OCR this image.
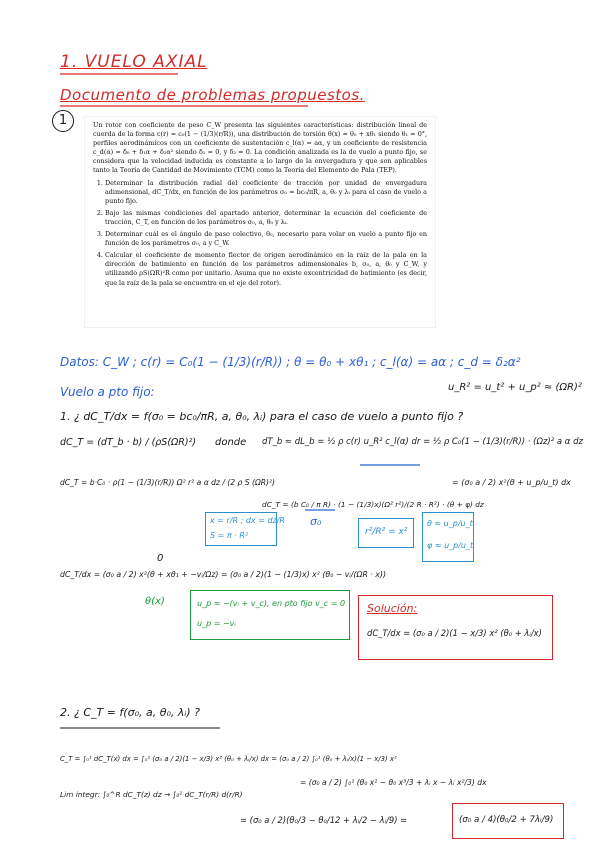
1. VUELO AXIAL
Documento de problemas propuestos.
1	Un rotor con coeficiente de peso C_W presenta las siguientes características: distribución lineal de cuerda de la forma c(r) = c₀(1 − (1/3)(r/R)), una distribución de torsión θ(x) = θ₀ + xθ₁ siendo θ₁ = 0°, perfiles aerodinámicos con un coeficiente de sustentación c_l(α) = aα, y un coeficiente de resistencia c_d(α) = δ₀ + δ₁α + δ₂α² siendo δ₁ = 0, y δ₂ = 0. La condición analizada es la de vuelo a punto fijo, se considera que la velocidad inducida es constante a lo largo de la envergadura y que son aplicables tanto la Teoría de Cantidad de Movimiento (TCM) como la Teoría del Elemento de Pala (TEP).

1. Determinar la distribución radial del coeficiente de tracción por unidad de envergadura adimensional, dC_T/dx, en función de los parámetros σ₀ = bc₀/πR, a, θ₀ y λᵢ para el caso de vuelo a punto fijo.
2. Bajo las mismas condiciones del apartado anterior, determinar la ecuación del coeficiente de tracción, C_T, en función de los parámetros σ₀, a, θ₀ y λᵢ.
3. Determinar cuál es el ángulo de paso colectivo, θ₀, necesario para volar en vuelo a punto fijo en función de los parámetros σ₀, a y C_W.
4. Calcular el coeficiente de momento flector de origen aerodinámico en la raíz de la pala en la dirección de batimiento en función de los parámetros adimensionales b, σ₀, a, θ₀ y C_W, y utilizando ρS(ΩR)²R como por unitario. Asuma que no existe excentricidad de batimiento (es decir, que la raíz de la pala se encuentra en el eje del rotor).
Datos: C_W ; c(r) = C₀(1 − (1/3)(r/R)) ; θ = θ₀ + xθ₁ ; c_l(α) = aα ; c_d = δ₂α²
Vuelo a pto fijo:	u_R² = u_t² + u_p² ≈ (ΩR)²
1. ¿ dC_T/dx = f(σ₀ = bc₀/πR, a, θ₀, λᵢ) para el caso de vuelo a punto fijo ?
dC_T = (dT_b · b) / (ρS(ΩR)²) donde dT_b ≈ dL_b = ½ ρ c(r) u_R² c_l(α) dr = ½ ρ C₀(1 − (1/3)(r/R)) · (Ωz)² a α dz
dC_T = b·C₀ · ρ(1 − (1/3)(r/R)) Ω² r² a α dz / (2 ρ S (ΩR)²)
dC_T = (b C₀ / π R) · (1 − (1/3)x)(Ω² r²)/(2 R · R²) · (θ + φ) dz
= (σ₀ a / 2) x²(θ + u_p/u_t) dx
σ₀
x = r/R ; dx = dz/R
S = π · R²	r²/R² = x²
θ ≈ u_p/u_t
φ ≈ u_p/u_t
0
dC_T/dx = (σ₀ a / 2) x²(θ + xθ₁ + −vᵢ/Ωz) = (σ₀ a / 2)(1 − (1/3)x) x² (θ₀ − vᵢ/(ΩR · x))
θ(x)	u_p ≈ −(vᵢ + v_c), en pto fijo v_c = 0
u_p = −vᵢ
Solución:
dC_T/dx = (σ₀ a / 2)(1 − x/3) x² (θ₀ + λᵢ/x)
2. ¿ C_T = f(σ₀, a, θ₀, λᵢ) ?
C_T = ∫₀¹ dC_T(x) dx = ∫₀¹ (σ₀ a / 2)(1 − x/3) x² (θ₀ + λᵢ/x) dx = (σ₀ a / 2) ∫₀¹ (θ₀ + λᵢ/x)(1 − x/3) x²
Lim integr: ∫₀^R dC_T(z) dz → ∫₀¹ dC_T(r/R) d(r/R)
= (σ₀ a / 2) ∫₀¹ (θ₀ x² − θ₀ x³/3 + λᵢ x − λᵢ x²/3) dx
= (σ₀ a / 2)(θ₀/3 − θ₀/12 + λᵢ/2 − λᵢ/9) =	(σ₀ a / 4)(θ₀/2 + 7λᵢ/9)
